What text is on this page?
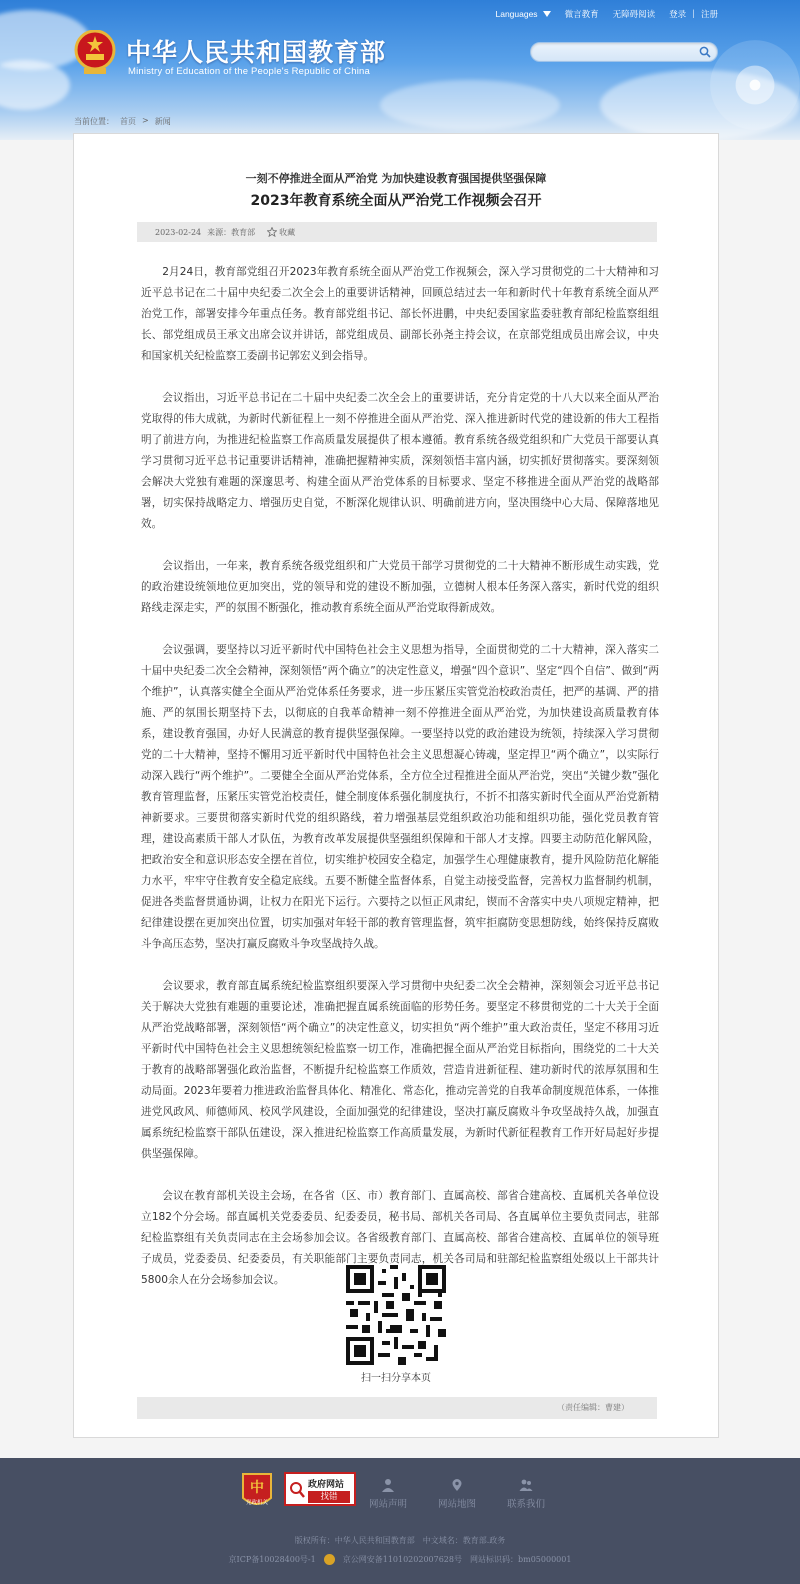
中华人民共和国教育部
Ministry of Education of the People's Republic of China
Languages	微言教育 无障碍阅读 登录 | 注册
当前位置： 首页 > 新闻
一刻不停推进全面从严治党 为加快建设教育强国提供坚强保障
2023年教育系统全面从严治党工作视频会召开
2023-02-24 来源：教育部	收藏

2月24日，教育部党组召开2023年教育系统全面从严治党工作视频会，深入学习贯彻党的二十大精神和习近平总书记在二十届中央纪委二次全会上的重要讲话精神，回顾总结过去一年和新时代十年教育系统全面从严治党工作，部署安排今年重点任务。教育部党组书记、部长怀进鹏，中央纪委国家监委驻教育部纪检监察组组长、部党组成员王承文出席会议并讲话，部党组成员、副部长孙尧主持会议，在京部党组成员出席会议，中央和国家机关纪检监察工委副书记郭宏义到会指导。

会议指出，习近平总书记在二十届中央纪委二次全会上的重要讲话，充分肯定党的十八大以来全面从严治党取得的伟大成就，为新时代新征程上一刻不停推进全面从严治党、深入推进新时代党的建设新的伟大工程指明了前进方向，为推进纪检监察工作高质量发展提供了根本遵循。教育系统各级党组织和广大党员干部要认真学习贯彻习近平总书记重要讲话精神，准确把握精神实质，深刻领悟丰富内涵，切实抓好贯彻落实。要深刻领会解决大党独有难题的深邃思考、构建全面从严治党体系的目标要求、坚定不移推进全面从严治党的战略部署，切实保持战略定力、增强历史自觉，不断深化规律认识、明确前进方向，坚决围绕中心大局、保障落地见效。

会议指出，一年来，教育系统各级党组织和广大党员干部学习贯彻党的二十大精神不断形成生动实践，党的政治建设统领地位更加突出，党的领导和党的建设不断加强，立德树人根本任务深入落实，新时代党的组织路线走深走实，严的氛围不断强化，推动教育系统全面从严治党取得新成效。

会议强调，要坚持以习近平新时代中国特色社会主义思想为指导，全面贯彻党的二十大精神，深入落实二十届中央纪委二次全会精神，深刻领悟“两个确立”的决定性意义，增强“四个意识”、坚定“四个自信”、做到“两个维护”，认真落实健全全面从严治党体系任务要求，进一步压紧压实管党治校政治责任，把严的基调、严的措施、严的氛围长期坚持下去，以彻底的自我革命精神一刻不停推进全面从严治党，为加快建设高质量教育体系，建设教育强国，办好人民满意的教育提供坚强保障。一要坚持以党的政治建设为统领，持续深入学习贯彻党的二十大精神，坚持不懈用习近平新时代中国特色社会主义思想凝心铸魂，坚定捍卫“两个确立”，以实际行动深入践行“两个维护”。二要健全全面从严治党体系，全方位全过程推进全面从严治党，突出“关键少数”强化教育管理监督，压紧压实管党治校责任，健全制度体系强化制度执行，不折不扣落实新时代全面从严治党新精神新要求。三要贯彻落实新时代党的组织路线，着力增强基层党组织政治功能和组织功能，强化党员教育管理，建设高素质干部人才队伍，为教育改革发展提供坚强组织保障和干部人才支撑。四要主动防范化解风险，把政治安全和意识形态安全摆在首位，切实维护校园安全稳定，加强学生心理健康教育，提升风险防范化解能力水平，牢牢守住教育安全稳定底线。五要不断健全监督体系，自觉主动接受监督，完善权力监督制约机制，促进各类监督贯通协调，让权力在阳光下运行。六要持之以恒正风肃纪，锲而不舍落实中央八项规定精神，把纪律建设摆在更加突出位置，切实加强对年轻干部的教育管理监督，筑牢拒腐防变思想防线，始终保持反腐败斗争高压态势，坚决打赢反腐败斗争攻坚战持久战。

会议要求，教育部直属系统纪检监察组织要深入学习贯彻中央纪委二次全会精神，深刻领会习近平总书记关于解决大党独有难题的重要论述，准确把握直属系统面临的形势任务。要坚定不移贯彻党的二十大关于全面从严治党战略部署，深刻领悟“两个确立”的决定性意义，切实担负“两个维护”重大政治责任，坚定不移用习近平新时代中国特色社会主义思想统领纪检监察一切工作，准确把握全面从严治党目标指向，围绕党的二十大关于教育的战略部署强化政治监督，不断提升纪检监察工作质效，营造肯进新征程、建功新时代的浓厚氛围和生动局面。2023年要着力推进政治监督具体化、精准化、常态化，推动完善党的自我革命制度规范体系，一体推进党风政风、师德师风、校风学风建设，全面加强党的纪律建设，坚决打赢反腐败斗争攻坚战持久战，加强直属系统纪检监察干部队伍建设，深入推进纪检监察工作高质量发展，为新时代新征程教育工作开好局起好步提供坚强保障。

会议在教育部机关设主会场，在各省（区、市）教育部门、直属高校、部省合建高校、直属机关各单位设立182个分会场。部直属机关党委委员、纪委委员，秘书局、部机关各司局、各直属单位主要负责同志，驻部纪检监察组有关负责同志在主会场参加会议。各省级教育部门、直属高校、部省合建高校、直属单位的领导班子成员，党委委员、纪委委员，有关职能部门主要负责同志，机关各司局和驻部纪检监察组处级以上干部共计5800余人在分会场参加会议。

扫一扫分享本页
（责任编辑：曹建）
中
党政机关
政府网站
找错
网站声明	网站地图	联系我们
版权所有：中华人民共和国教育部　中文域名：教育部.政务
京ICP备10028400号-1	京公网安备11010202007628号 网站标识码：bm05000001
